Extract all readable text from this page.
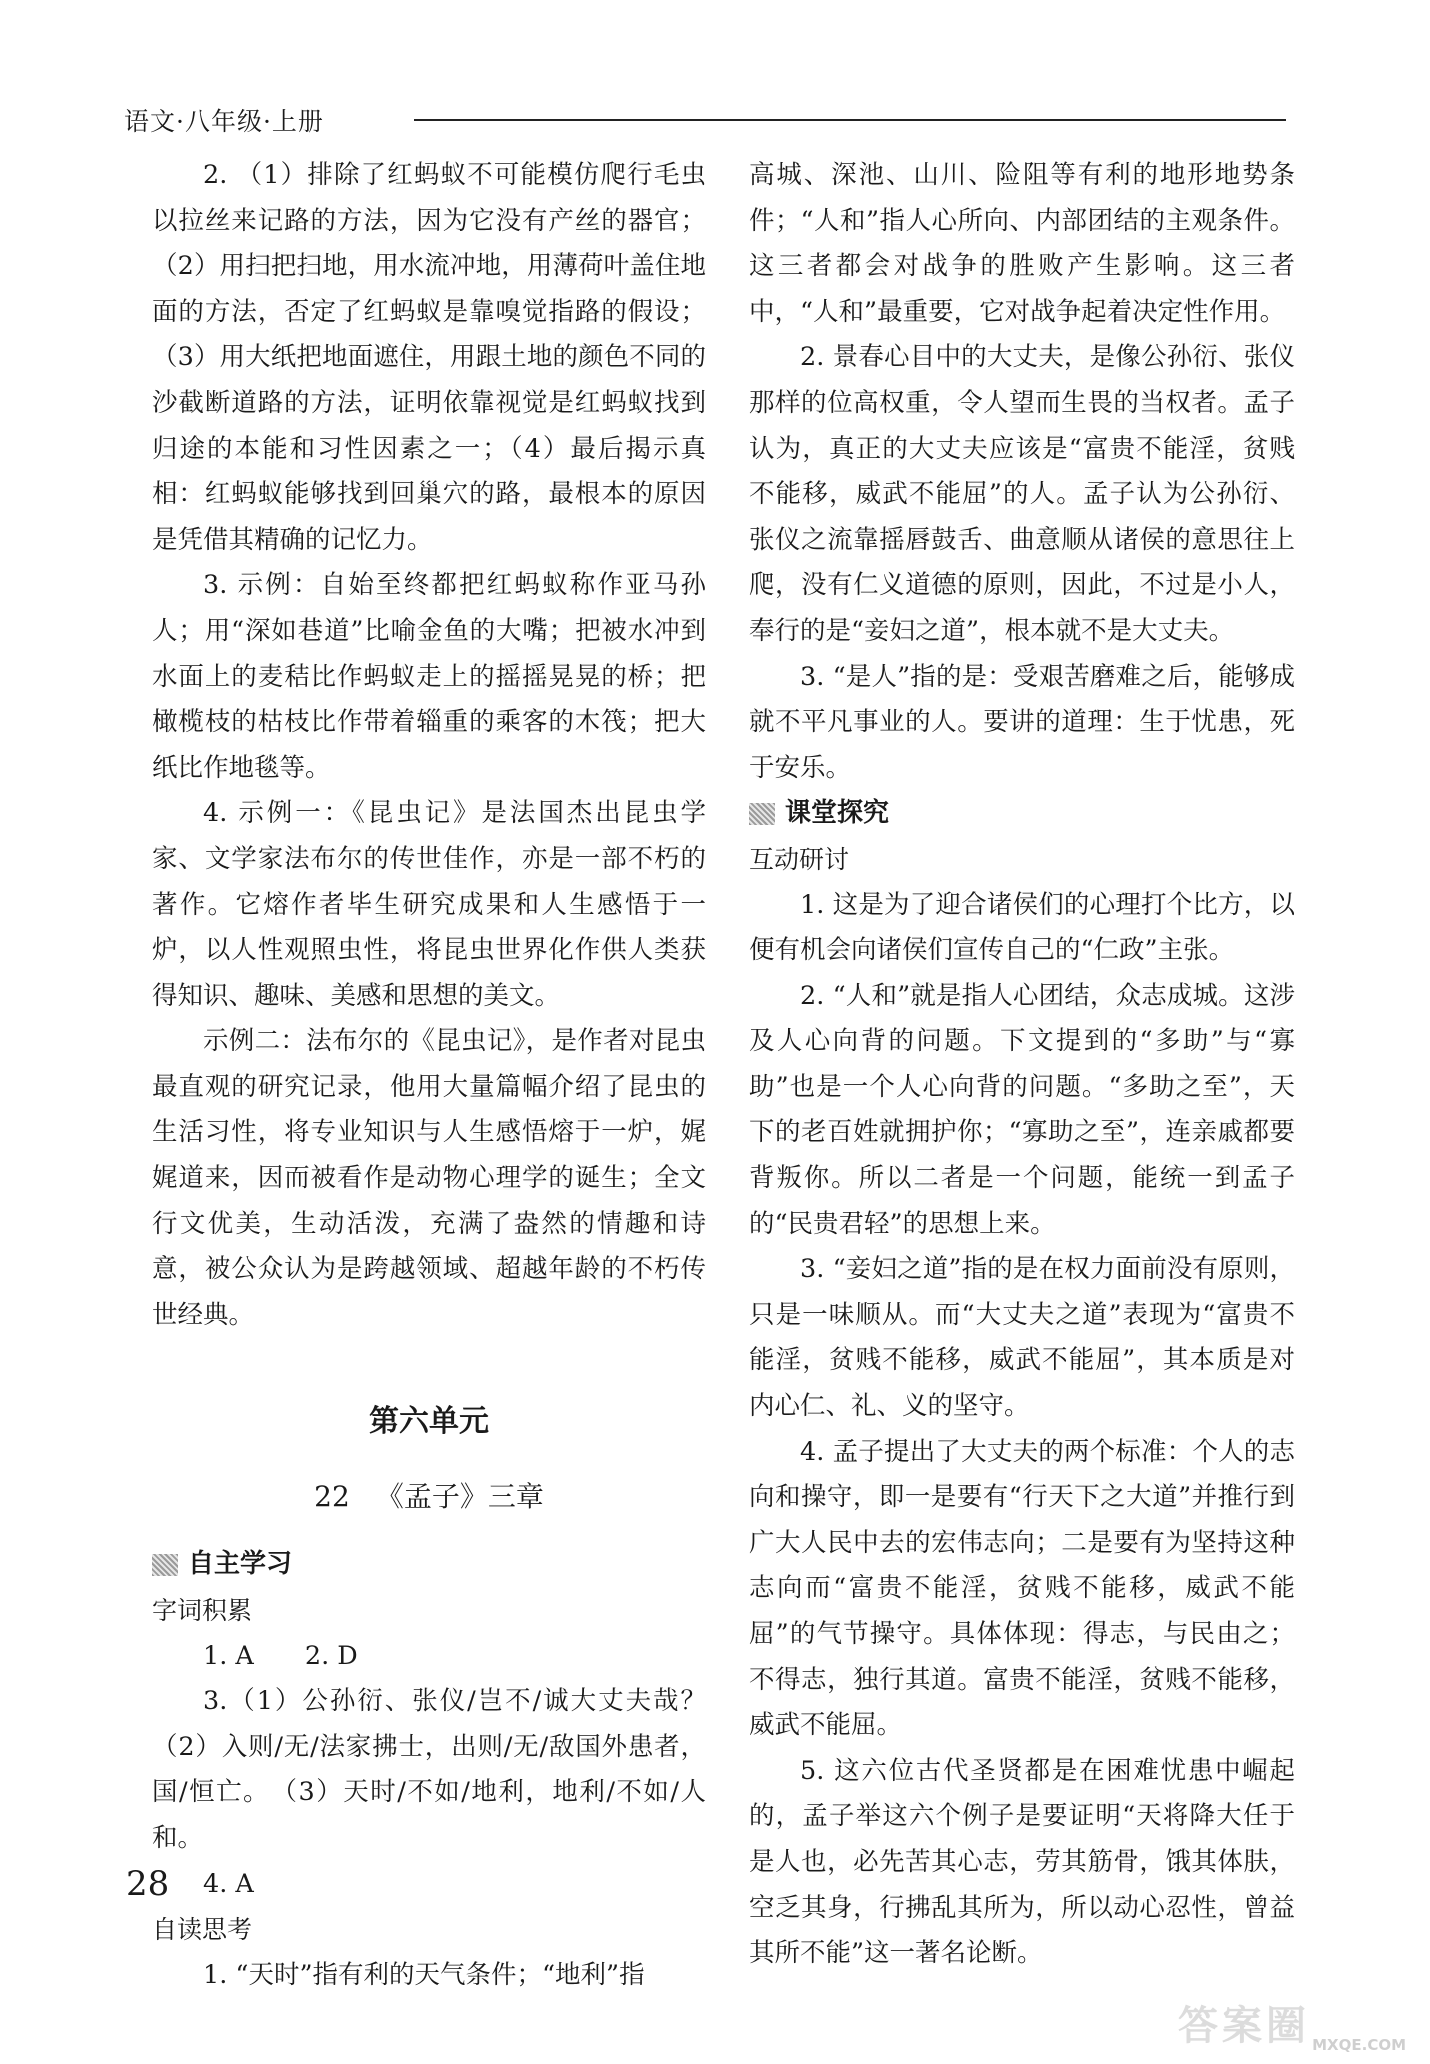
语文·八年级·上册

2. （1）排除了红蚂蚁不可能模仿爬行毛虫以拉丝来记路的方法，因为它没有产丝的器官；（2）用扫把扫地，用水流冲地，用薄荷叶盖住地面的方法，否定了红蚂蚁是靠嗅觉指路的假设；（3）用大纸把地面遮住，用跟土地的颜色不同的沙截断道路的方法，证明依靠视觉是红蚂蚁找到归途的本能和习性因素之一；（4）最后揭示真相：红蚂蚁能够找到回巢穴的路，最根本的原因是凭借其精确的记忆力。

3. 示例：自始至终都把红蚂蚁称作亚马孙人；用“深如巷道”比喻金鱼的大嘴；把被水冲到水面上的麦秸比作蚂蚁走上的摇摇晃晃的桥；把橄榄枝的枯枝比作带着辎重的乘客的木筏；把大纸比作地毯等。

4. 示例一：《昆虫记》是法国杰出昆虫学家、文学家法布尔的传世佳作，亦是一部不朽的著作。它熔作者毕生研究成果和人生感悟于一炉，以人性观照虫性，将昆虫世界化作供人类获得知识、趣味、美感和思想的美文。

示例二：法布尔的《昆虫记》，是作者对昆虫最直观的研究记录，他用大量篇幅介绍了昆虫的生活习性，将专业知识与人生感悟熔于一炉，娓娓道来，因而被看作是动物心理学的诞生；全文行文优美，生动活泼，充满了盎然的情趣和诗意，被公众认为是跨越领域、超越年龄的不朽传世经典。

第六单元

22 《孟子》三章

自主学习

字词积累

1. A　　2. D

3.（1）公孙衍、张仪/岂不/诚大丈夫哉？（2）入则/无/法家拂士，出则/无/敌国外患者，国/恒亡。　（3）天时/不如/地利，地利/不如/人和。

4. A

自读思考

1. “天时”指有利的天气条件；“地利”指

高城、深池、山川、险阻等有利的地形地势条件；“人和”指人心所向、内部团结的主观条件。这三者都会对战争的胜败产生影响。这三者中，“人和”最重要，它对战争起着决定性作用。

2. 景春心目中的大丈夫，是像公孙衍、张仪那样的位高权重，令人望而生畏的当权者。孟子认为，真正的大丈夫应该是“富贵不能淫，贫贱不能移，威武不能屈”的人。孟子认为公孙衍、张仪之流靠摇唇鼓舌、曲意顺从诸侯的意思往上爬，没有仁义道德的原则，因此，不过是小人，奉行的是“妾妇之道”，根本就不是大丈夫。

3. “是人”指的是：受艰苦磨难之后，能够成就不平凡事业的人。要讲的道理：生于忧患，死于安乐。

课堂探究

互动研讨

1. 这是为了迎合诸侯们的心理打个比方，以便有机会向诸侯们宣传自己的“仁政”主张。

2. “人和”就是指人心团结，众志成城。这涉及人心向背的问题。下文提到的“多助”与“寡助”也是一个人心向背的问题。“多助之至”，天下的老百姓就拥护你；“寡助之至”，连亲戚都要背叛你。所以二者是一个问题，能统一到孟子的“民贵君轻”的思想上来。

3. “妾妇之道”指的是在权力面前没有原则，只是一味顺从。而“大丈夫之道”表现为“富贵不能淫，贫贱不能移，威武不能屈”，其本质是对内心仁、礼、义的坚守。

4. 孟子提出了大丈夫的两个标准：个人的志向和操守，即一是要有“行天下之大道”并推行到广大人民中去的宏伟志向；二是要有为坚持这种志向而“富贵不能淫，贫贱不能移，威武不能屈”的气节操守。具体体现：得志，与民由之；不得志，独行其道。富贵不能淫，贫贱不能移，威武不能屈。

5. 这六位古代圣贤都是在困难忧患中崛起的，孟子举这六个例子是要证明“天将降大任于是人也，必先苦其心志，劳其筋骨，饿其体肤，空乏其身，行拂乱其所为，所以动心忍性，曾益其所不能”这一著名论断。

28
答案圈 MXQE.COM
